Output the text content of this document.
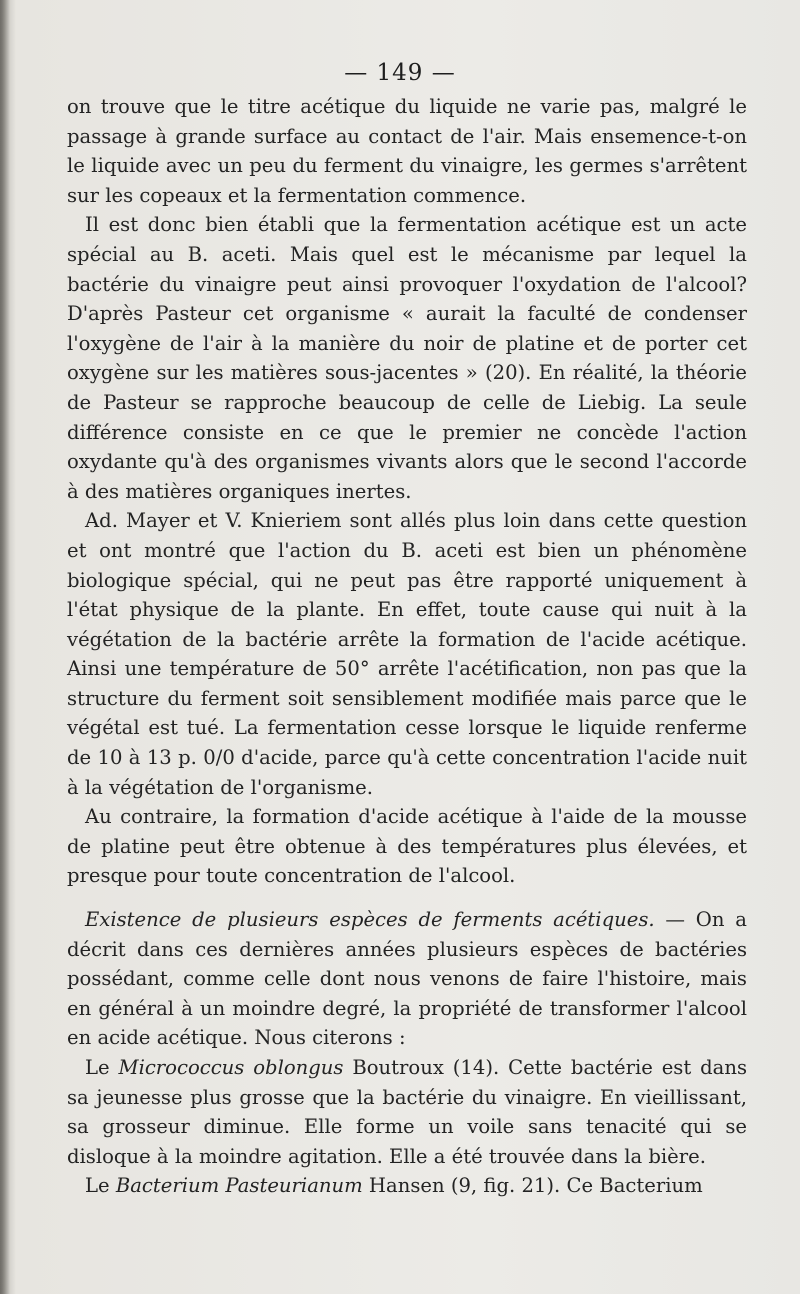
— 149 —

on trouve que le titre acétique du liquide ne varie pas, malgré le passage à grande surface au contact de l'air. Mais ensemence-t-on le liquide avec un peu du ferment du vinaigre, les germes s'arrêtent sur les copeaux et la fermentation commence.

Il est donc bien établi que la fermentation acétique est un acte spécial au B. aceti. Mais quel est le mécanisme par lequel la bactérie du vinaigre peut ainsi provoquer l'oxydation de l'alcool? D'après Pasteur cet organisme « aurait la faculté de condenser l'oxygène de l'air à la manière du noir de platine et de porter cet oxygène sur les matières sous-jacentes » (20). En réalité, la théorie de Pasteur se rapproche beaucoup de celle de Liebig. La seule différence consiste en ce que le premier ne concède l'action oxydante qu'à des organismes vivants alors que le second l'accorde à des matières organiques inertes.

Ad. Mayer et V. Knieriem sont allés plus loin dans cette question et ont montré que l'action du B. aceti est bien un phénomène biologique spécial, qui ne peut pas être rapporté uniquement à l'état physique de la plante. En effet, toute cause qui nuit à la végétation de la bactérie arrête la formation de l'acide acétique. Ainsi une température de 50° arrête l'acétification, non pas que la structure du ferment soit sensiblement modifiée mais parce que le végétal est tué. La fermentation cesse lorsque le liquide renferme de 10 à 13 p. 0/0 d'acide, parce qu'à cette concentration l'acide nuit à la végétation de l'organisme.

Au contraire, la formation d'acide acétique à l'aide de la mousse de platine peut être obtenue à des températures plus élevées, et presque pour toute concentration de l'alcool.

Existence de plusieurs espèces de ferments acétiques. — On a décrit dans ces dernières années plusieurs espèces de bactéries possédant, comme celle dont nous venons de faire l'histoire, mais en général à un moindre degré, la propriété de transformer l'alcool en acide acétique. Nous citerons :

Le Micrococcus oblongus Boutroux (14). Cette bactérie est dans sa jeunesse plus grosse que la bactérie du vinaigre. En vieillissant, sa grosseur diminue. Elle forme un voile sans tenacité qui se disloque à la moindre agitation. Elle a été trouvée dans la bière.

Le Bacterium Pasteurianum Hansen (9, fig. 21). Ce Bacterium
